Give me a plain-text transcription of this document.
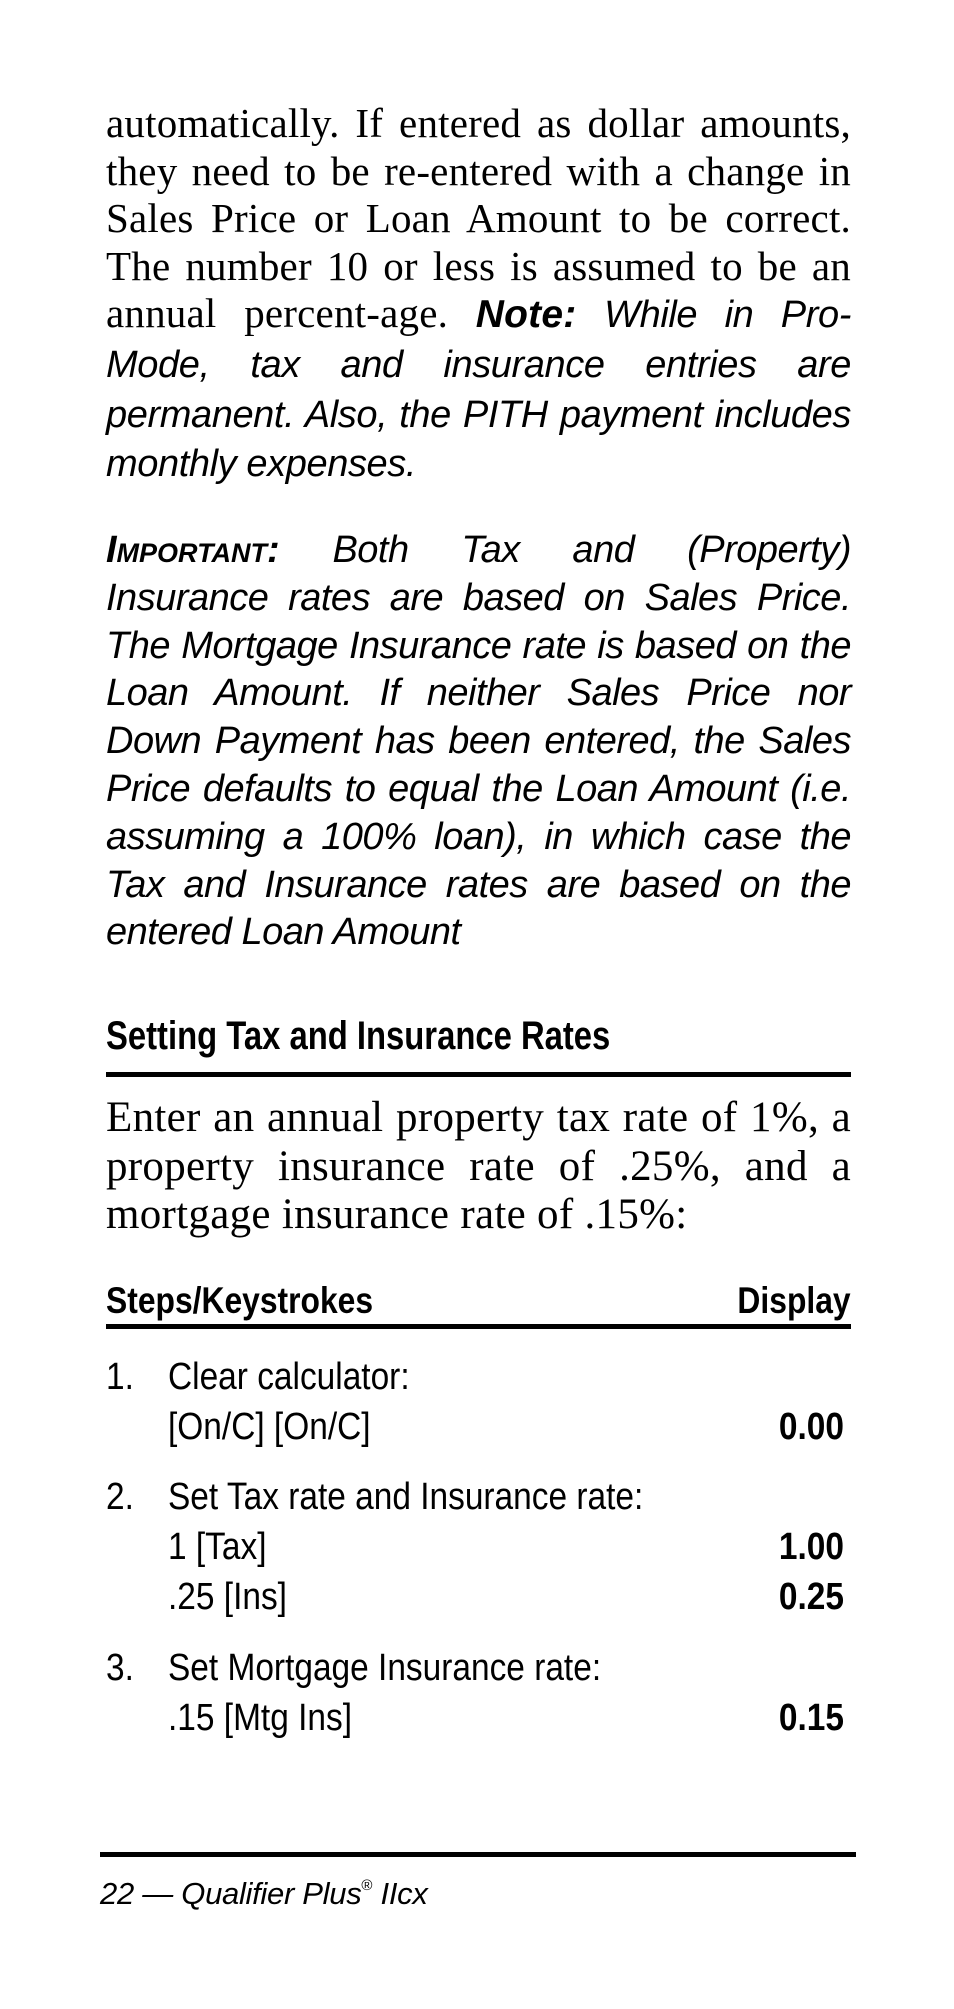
automatically. If entered as dollar amounts, they need to be re-entered with a change in Sales Price or Loan Amount to be correct. The number 10 or less is assumed to be an annual percent-age. Note: While in Pro-Mode, tax and insurance entries are permanent. Also, the PITH payment includes monthly expenses.
Important: Both Tax and (Property) Insurance rates are based on Sales Price. The Mortgage Insurance rate is based on the Loan Amount. If neither Sales Price nor Down Payment has been entered, the Sales Price defaults to equal the Loan Amount (i.e. assuming a 100% loan), in which case the Tax and Insurance rates are based on the entered Loan Amount
Setting Tax and Insurance Rates
Enter an annual property tax rate of 1%, a property insurance rate of .25%, and a mortgage insurance rate of .15%:
Steps/Keystrokes	Display
1. Clear calculator:
[On/C] [On/C]	0.00
2. Set Tax rate and Insurance rate:
1 [Tax]	1.00
.25 [Ins]	0.25
3. Set Mortgage Insurance rate:
.15 [Mtg Ins]	0.15
22 — Qualifier Plus® IIcx
